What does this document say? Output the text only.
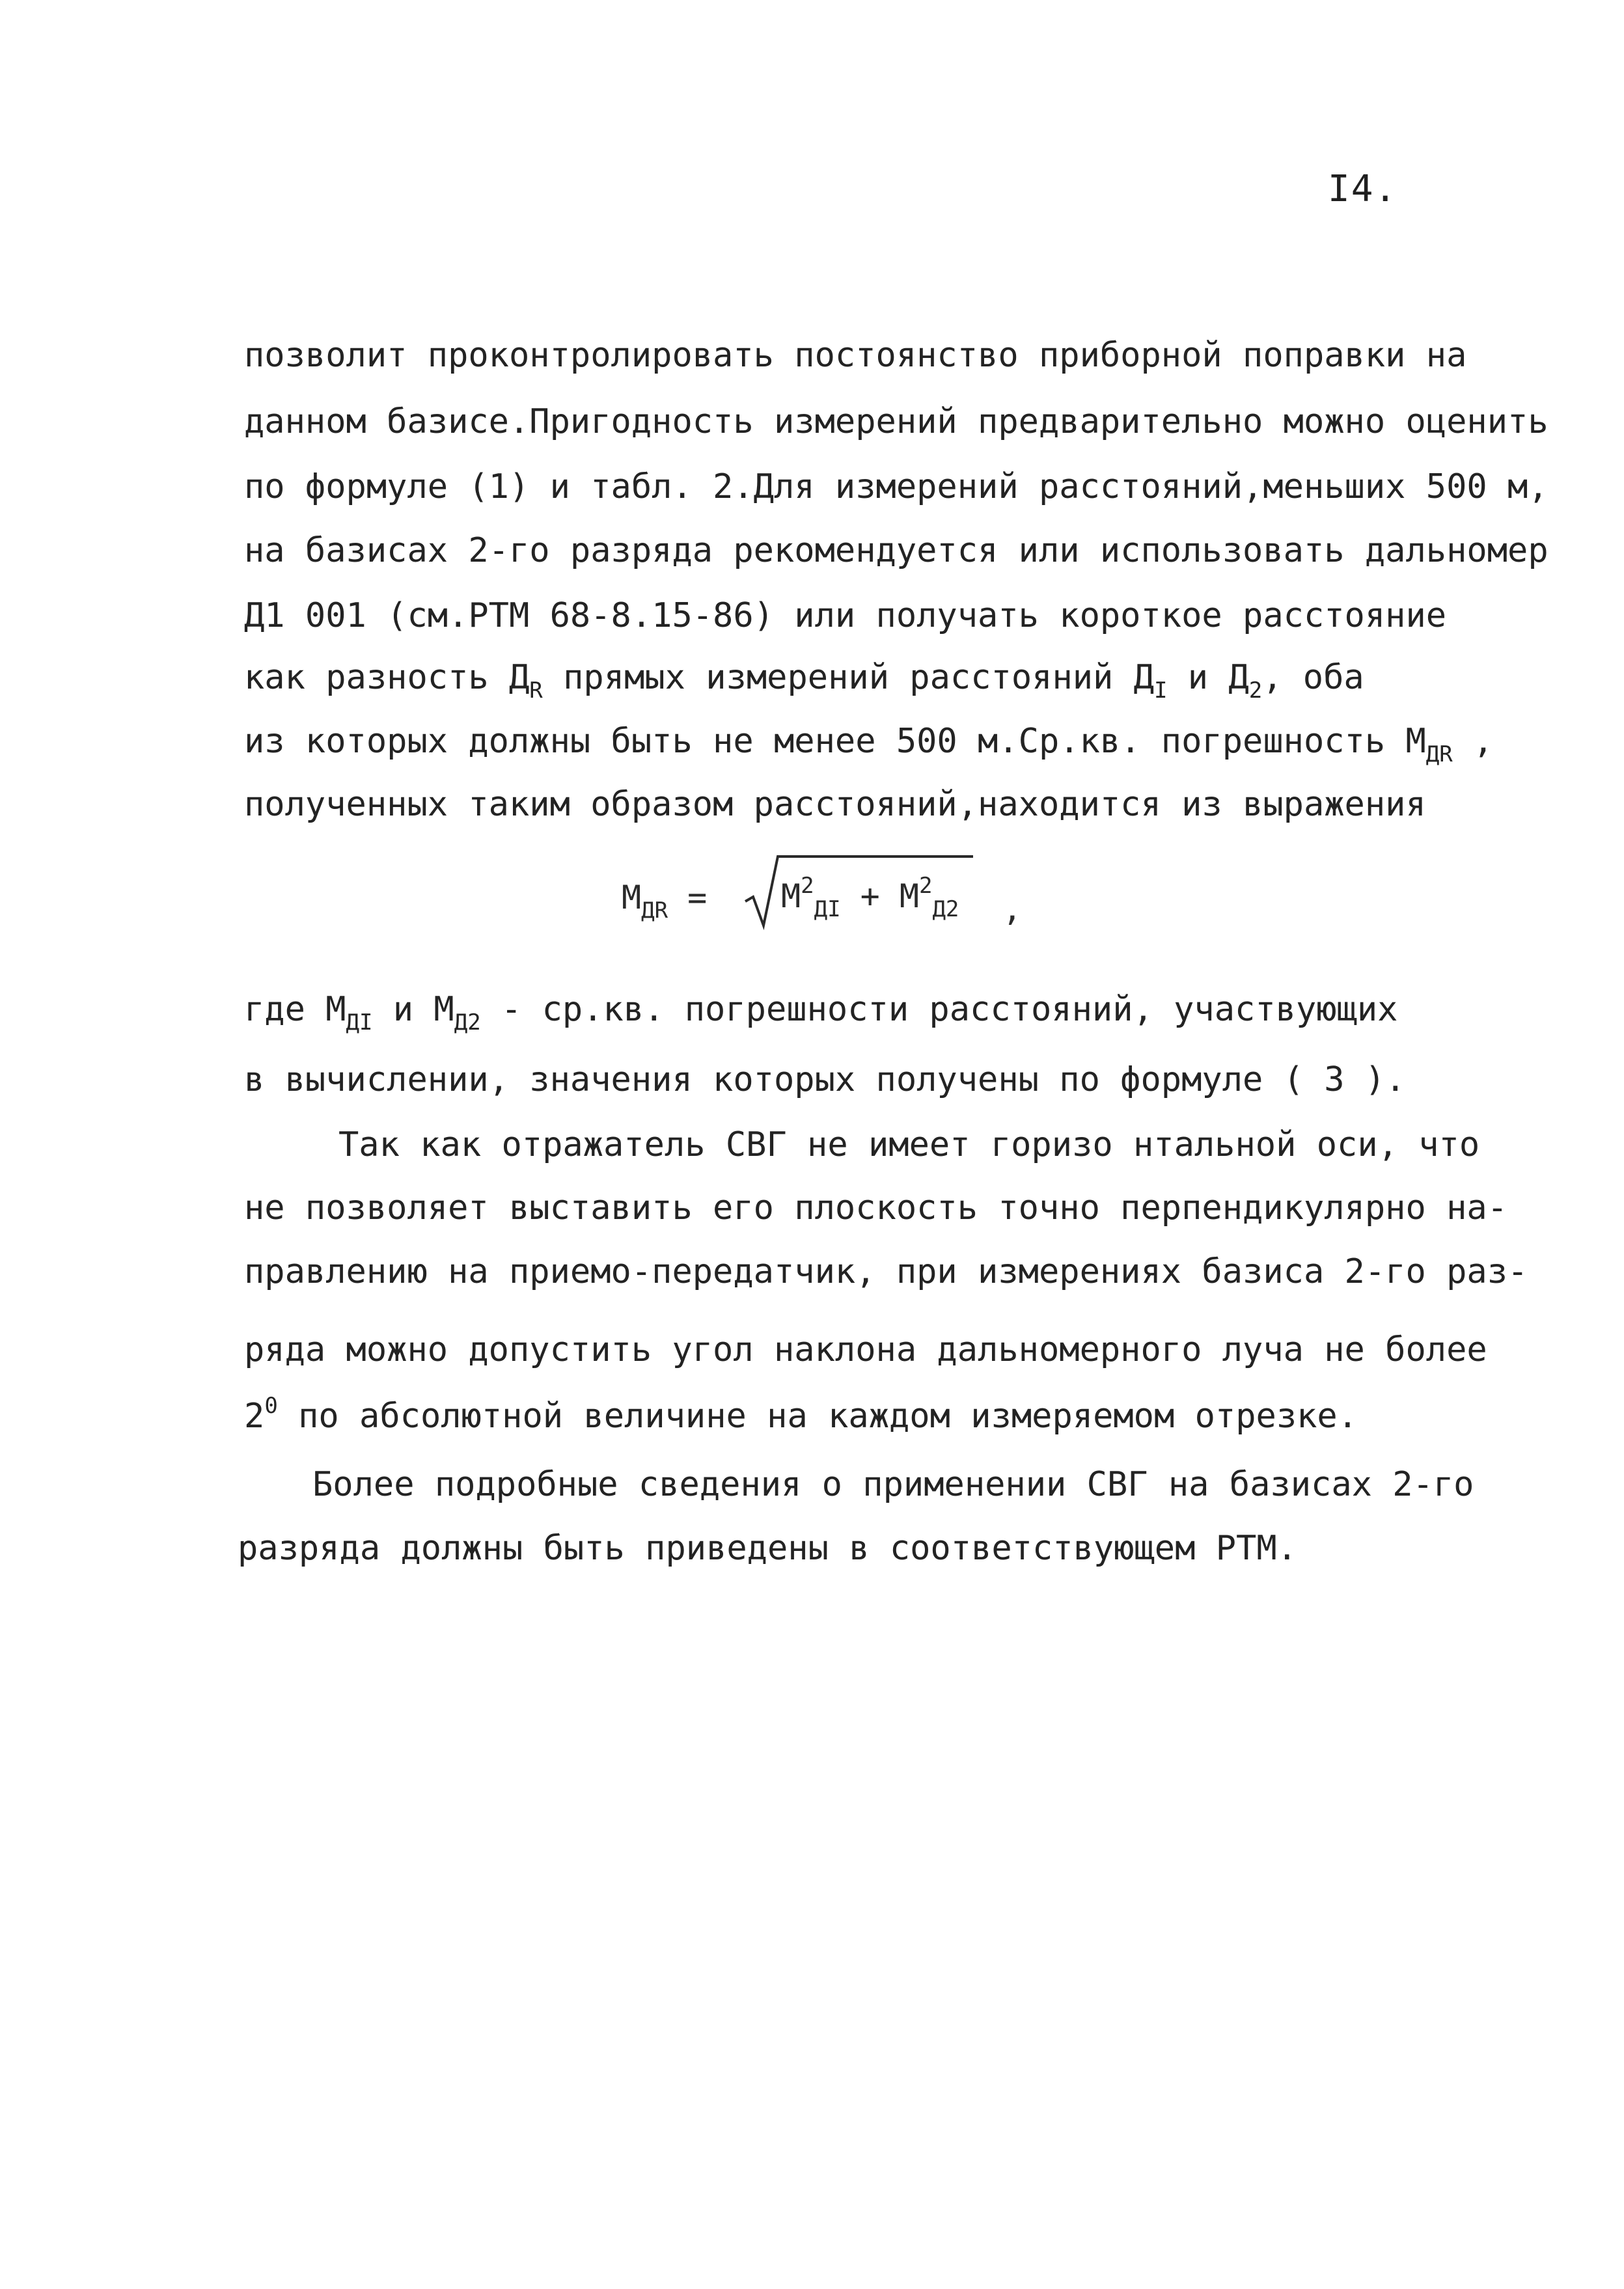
I4.
позволит проконтролировать постоянство приборной поправки на
данном базисе.Пригодность измерений предварительно можно оценить
по формуле (1) и табл. 2.Для измерений расстояний,меньших 500 м,
на базисах 2-го разряда рекомендуется или использовать дальномер
Д1 001 (см.РТМ 68-8.15-86) или получать короткое расстояние
как разность $Д_R$ прямых измерений расстояний $Д_I$ и $Д_2$, оба
из которых должны быть не менее 500 м.Ср.кв. погрешность $М_{ДR}$ ,
полученных таким образом расстояний,находится из выражения
$М_{ДR} = М^2_{ДI} + М^2_{Д2}$ ,
где $М_{ДI}$ и $М_{Д2} - ср.кв$. погрешности расстояний, участвующих
в вычислении, значения которых получены по формуле ( 3 ).
Так как отражатель СВГ не имеет горизо нтальной оси, что
не позволяет выставить его плоскость точно перпендикулярно на-
правлению на приемо-передатчик, при измерениях базиса 2-го раз-
ряда можно допустить угол наклона дальномерного луча не более
$2^0$ по абсолютной величине на каждом измеряемом отрезке.
Более подробные сведения о применении СВГ на базисах 2-го
разряда должны быть приведены в соответствующем РТМ.
